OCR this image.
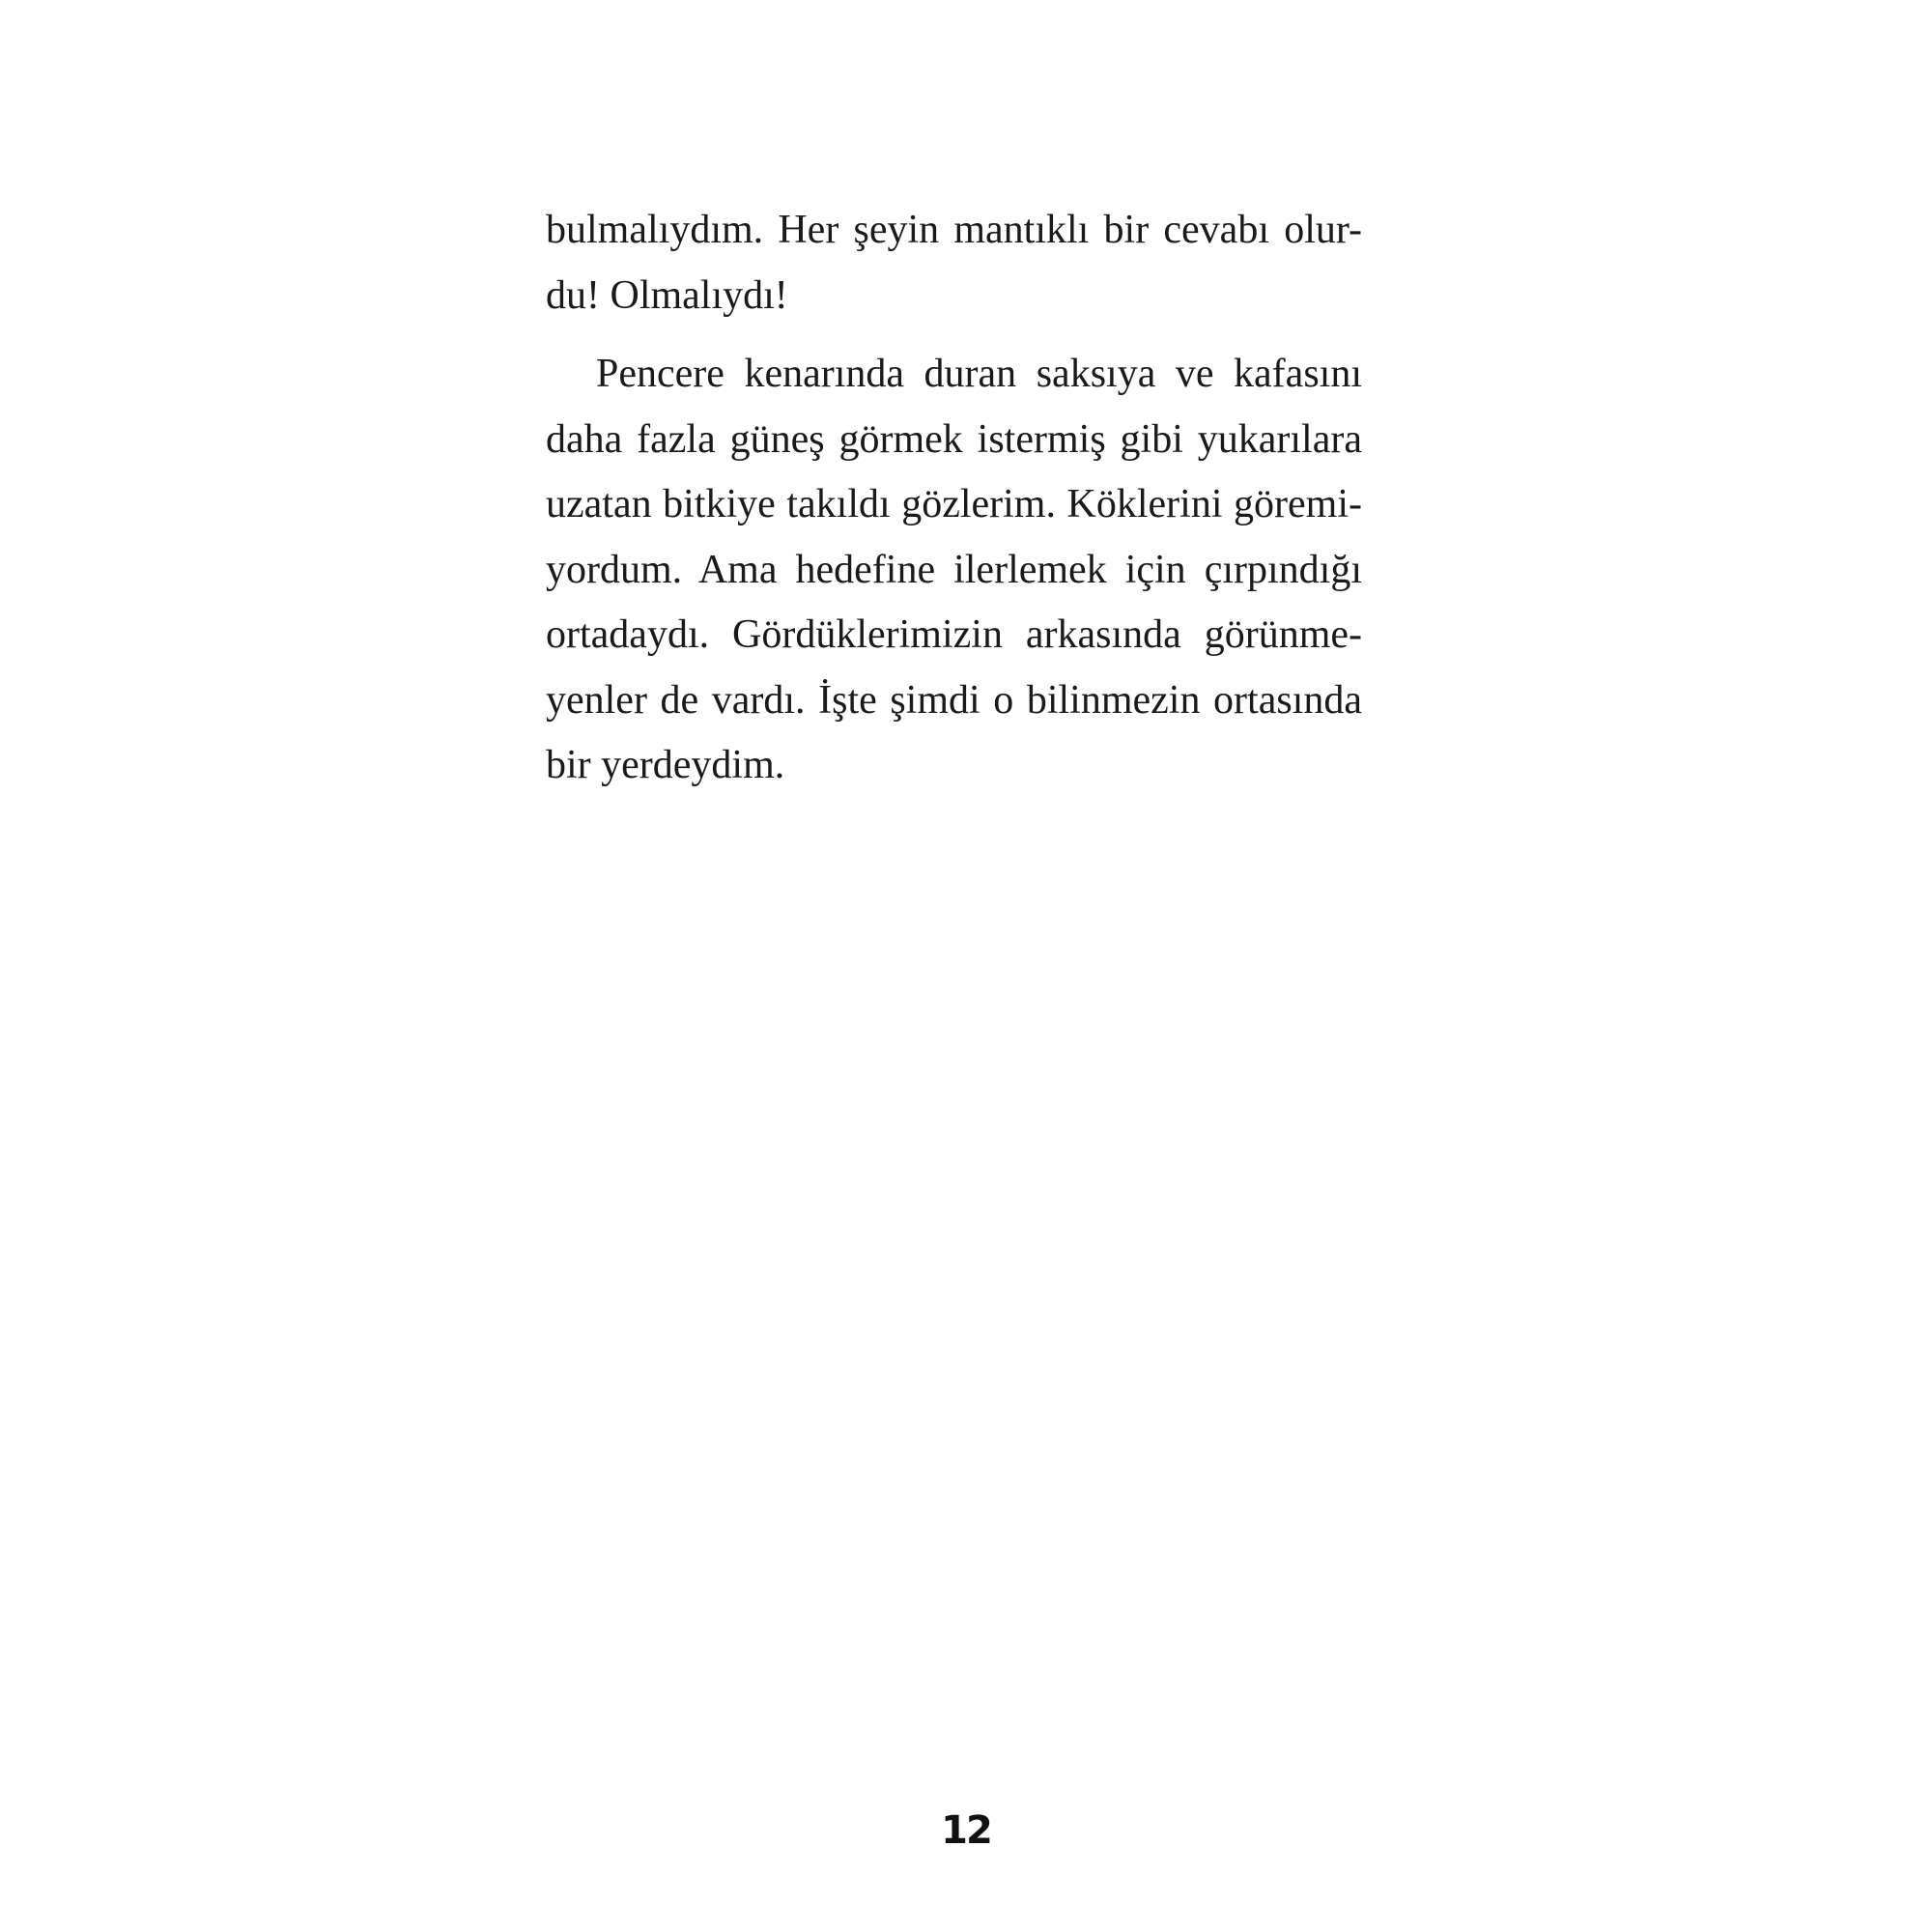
bulmalıydım. Her şeyin mantıklı bir cevabı olur-
du! Olmalıydı!
Pencere kenarında duran saksıya ve kafasını
daha fazla güneş görmek istermiş gibi yukarılara
uzatan bitkiye takıldı gözlerim. Köklerini göremi-
yordum. Ama hedefine ilerlemek için çırpındığı
ortadaydı. Gördüklerimizin arkasında görünme-
yenler de vardı. İşte şimdi o bilinmezin ortasında
bir yerdeydim.
12
